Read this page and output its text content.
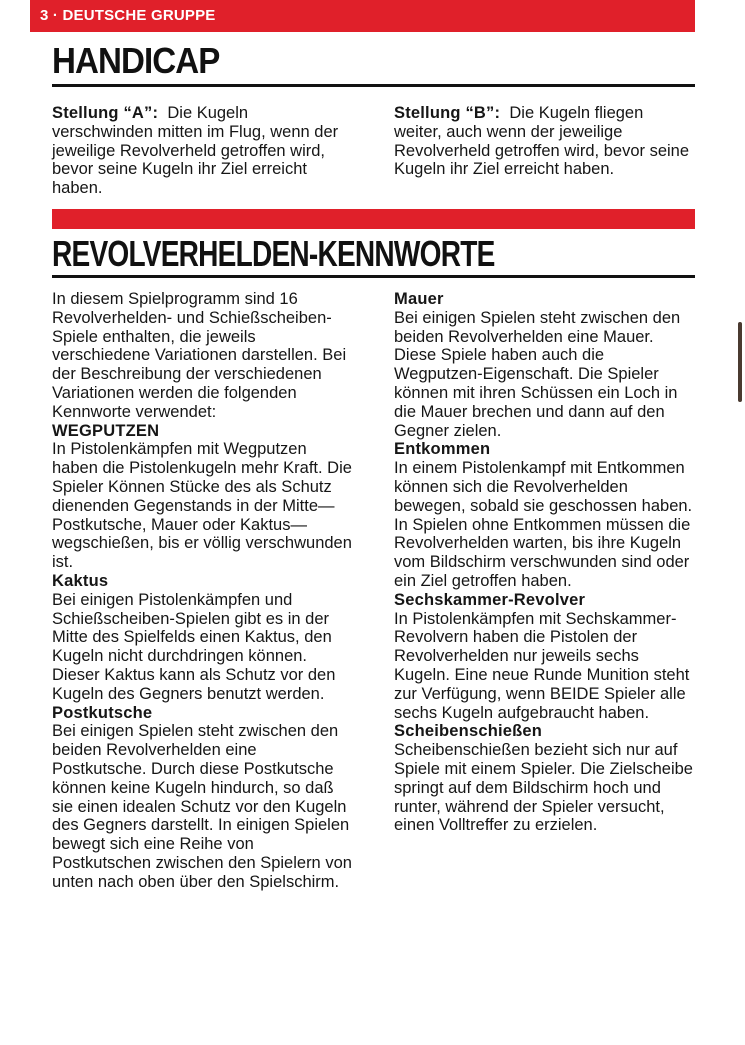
3 · DEUTSCHE GRUPPE
HANDICAP

Stellung “A”: Die Kugeln verschwinden mitten im Flug, wenn der jeweilige Revolverheld getroffen wird, bevor seine Kugeln ihr Ziel erreicht haben.

Stellung “B”: Die Kugeln fliegen weiter, auch wenn der jeweilige Revolverheld getroffen wird, bevor seine Kugeln ihr Ziel erreicht haben.

REVOLVERHELDEN-KENNWORTE

In diesem Spielprogramm sind 16 Revolverhelden- und Schießscheiben- Spiele enthalten, die jeweils verschiedene Variationen darstellen. Bei der Beschreibung der verschiedenen Variationen werden die folgenden Kennworte verwendet:

WEGPUTZEN

In Pistolenkämpfen mit Wegputzen haben die Pistolenkugeln mehr Kraft. Die Spieler Können Stücke des als Schutz dienenden Gegenstands in der Mitte—Postkutsche, Mauer oder Kaktus—wegschießen, bis er völlig verschwunden ist.

Kaktus

Bei einigen Pistolenkämpfen und Schießscheiben-Spielen gibt es in der Mitte des Spielfelds einen Kaktus, den Kugeln nicht durchdringen können. Dieser Kaktus kann als Schutz vor den Kugeln des Gegners benutzt werden.

Postkutsche

Bei einigen Spielen steht zwischen den beiden Revolverhelden eine Postkutsche. Durch diese Postkutsche können keine Kugeln hindurch, so daß sie einen idealen Schutz vor den Kugeln des Gegners darstellt. In einigen Spielen bewegt sich eine Reihe von Postkutschen zwischen den Spielern von unten nach oben über den Spielschirm.

Mauer

Bei einigen Spielen steht zwischen den beiden Revolverhelden eine Mauer. Diese Spiele haben auch die Wegputzen-Eigenschaft. Die Spieler können mit ihren Schüssen ein Loch in die Mauer brechen und dann auf den Gegner zielen.

Entkommen

In einem Pistolenkampf mit Entkommen können sich die Revolverhelden bewegen, sobald sie geschossen haben. In Spielen ohne Entkommen müssen die Revolverhelden warten, bis ihre Kugeln vom Bildschirm verschwunden sind oder ein Ziel getroffen haben.

Sechskammer-Revolver

In Pistolenkämpfen mit Sechskammer-Revolvern haben die Pistolen der Revolverhelden nur jeweils sechs Kugeln. Eine neue Runde Munition steht zur Verfügung, wenn BEIDE Spieler alle sechs Kugeln aufgebraucht haben.

Scheibenschießen

Scheibenschießen bezieht sich nur auf Spiele mit einem Spieler. Die Zielscheibe springt auf dem Bildschirm hoch und runter, während der Spieler versucht, einen Volltreffer zu erzielen.
